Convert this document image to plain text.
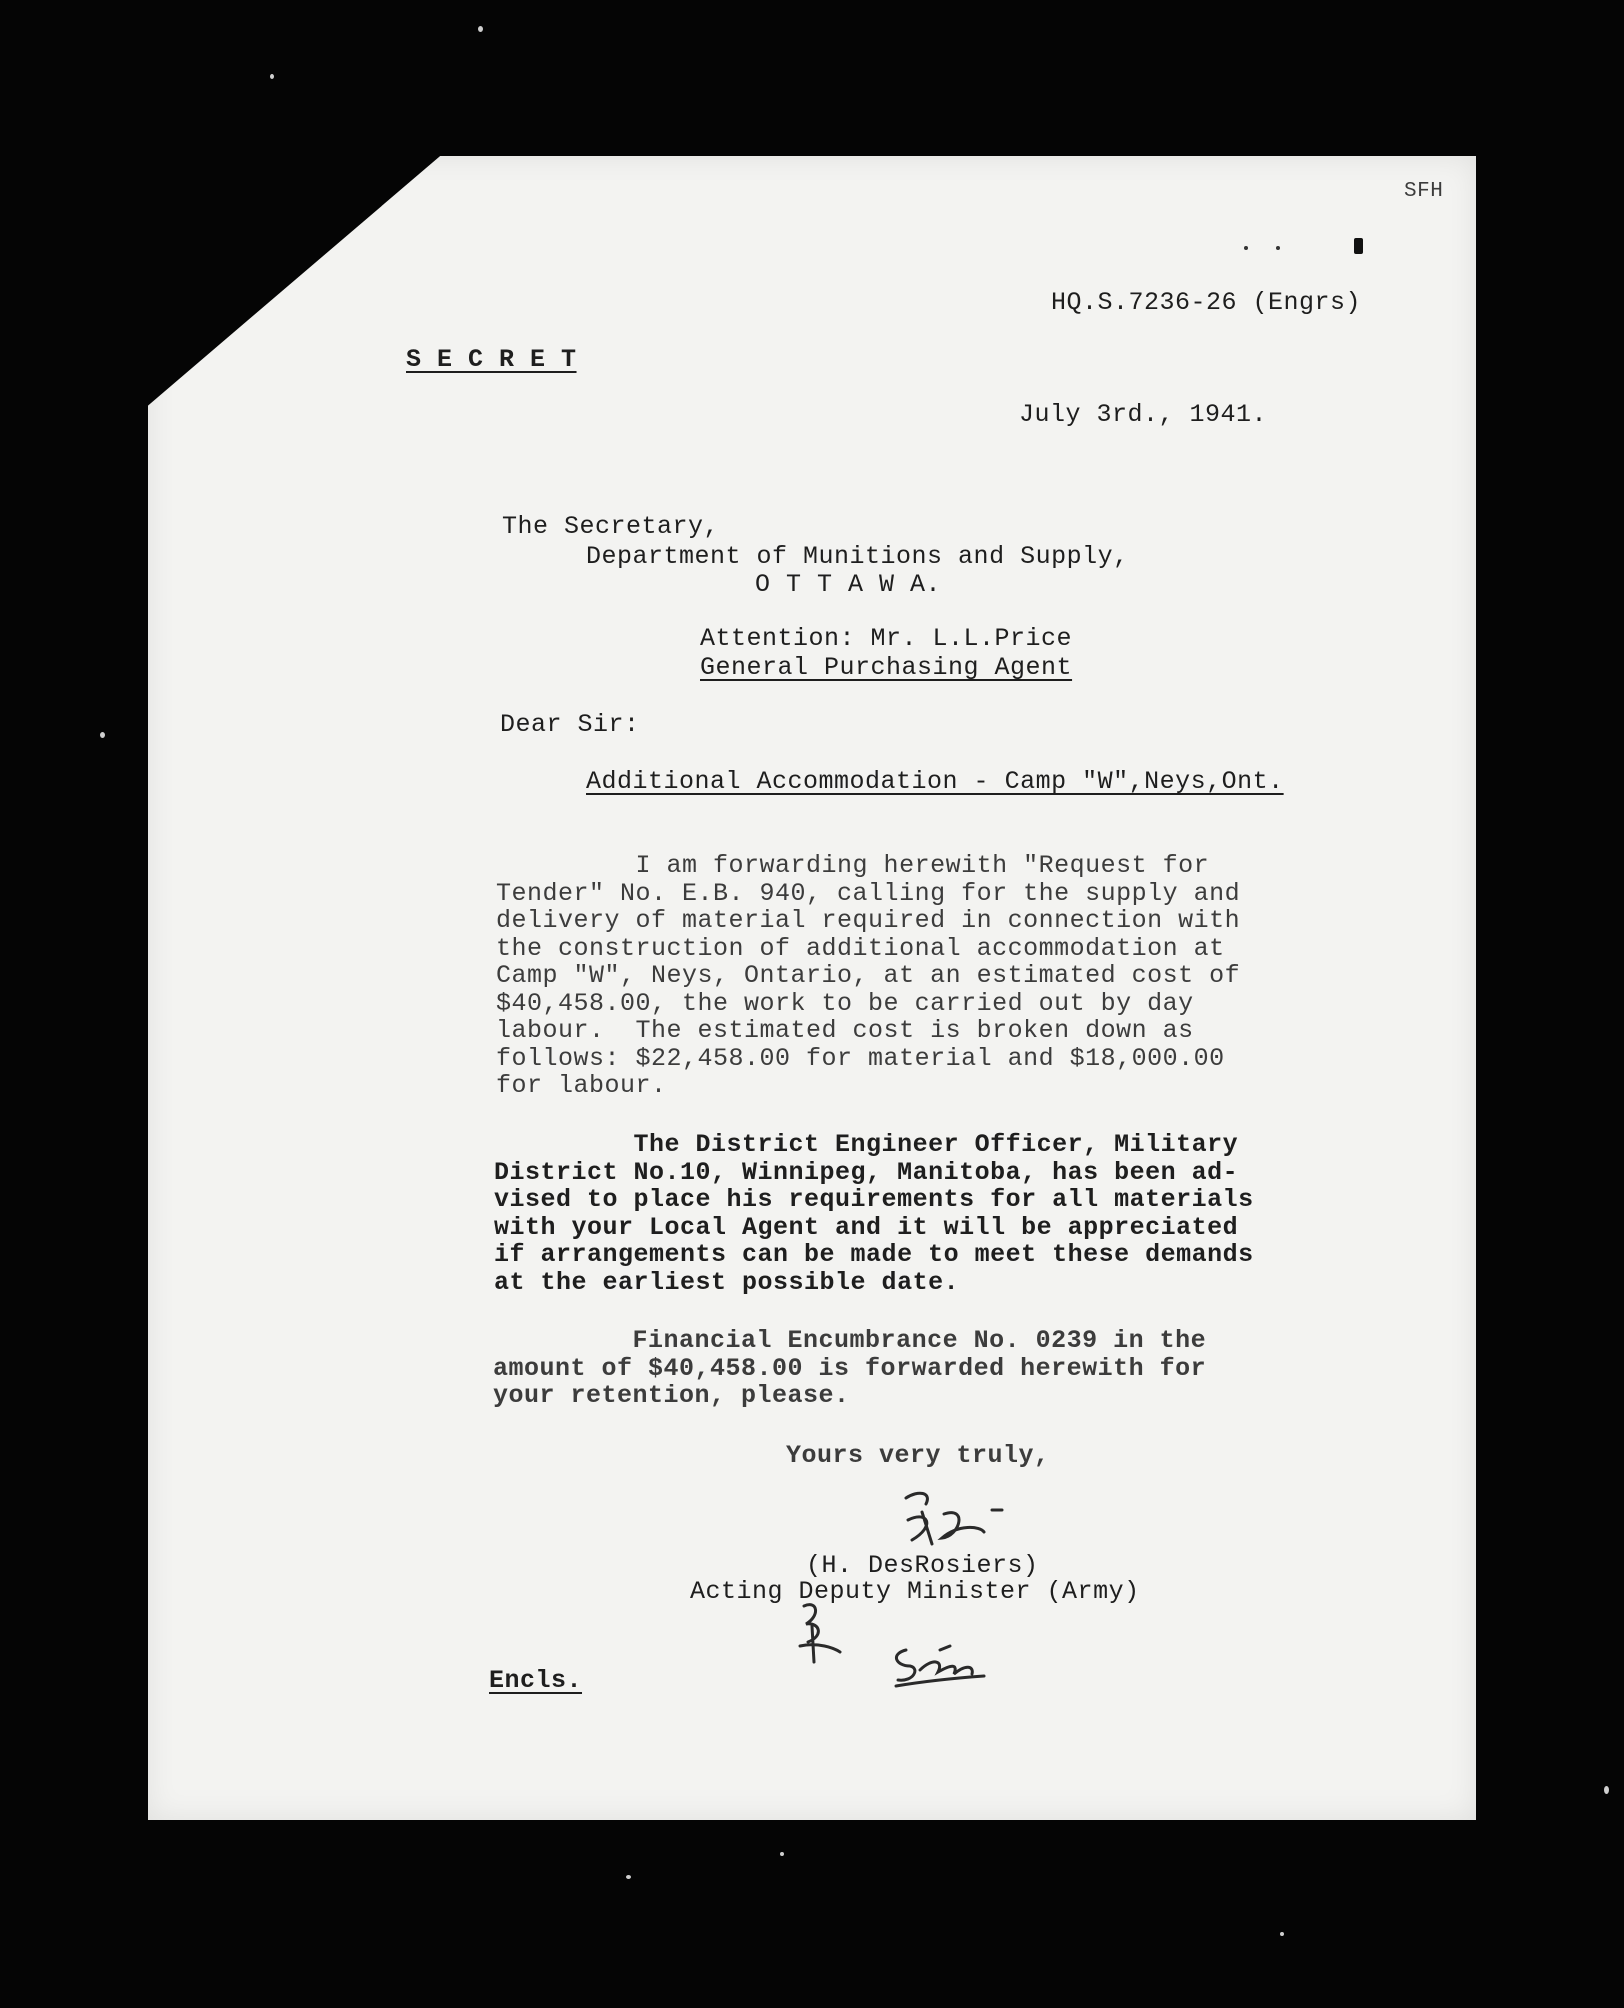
SFH
HQ.S.7236-26 (Engrs)
S E C R E T
July 3rd., 1941.
The Secretary,
Department of Munitions and Supply,
O T T A W A.
Attention: Mr. L.L.Price
General Purchasing Agent
Dear Sir:
Additional Accommodation - Camp "W",Neys,Ont.
I am forwarding herewith "Request for
Tender" No. E.B. 940, calling for the supply and
delivery of material required in connection with
the construction of additional accommodation at
Camp "W", Neys, Ontario, at an estimated cost of
$40,458.00, the work to be carried out by day
labour.  The estimated cost is broken down as
follows: $22,458.00 for material and $18,000.00
for labour.
The District Engineer Officer, Military
District No.10, Winnipeg, Manitoba, has been ad-
vised to place his requirements for all materials
with your Local Agent and it will be appreciated
if arrangements can be made to meet these demands
at the earliest possible date.
Financial Encumbrance No. 0239 in the
amount of $40,458.00 is forwarded herewith for
your retention, please.
Yours very truly,
(H. DesRosiers)
Acting Deputy Minister (Army)
Encls.
